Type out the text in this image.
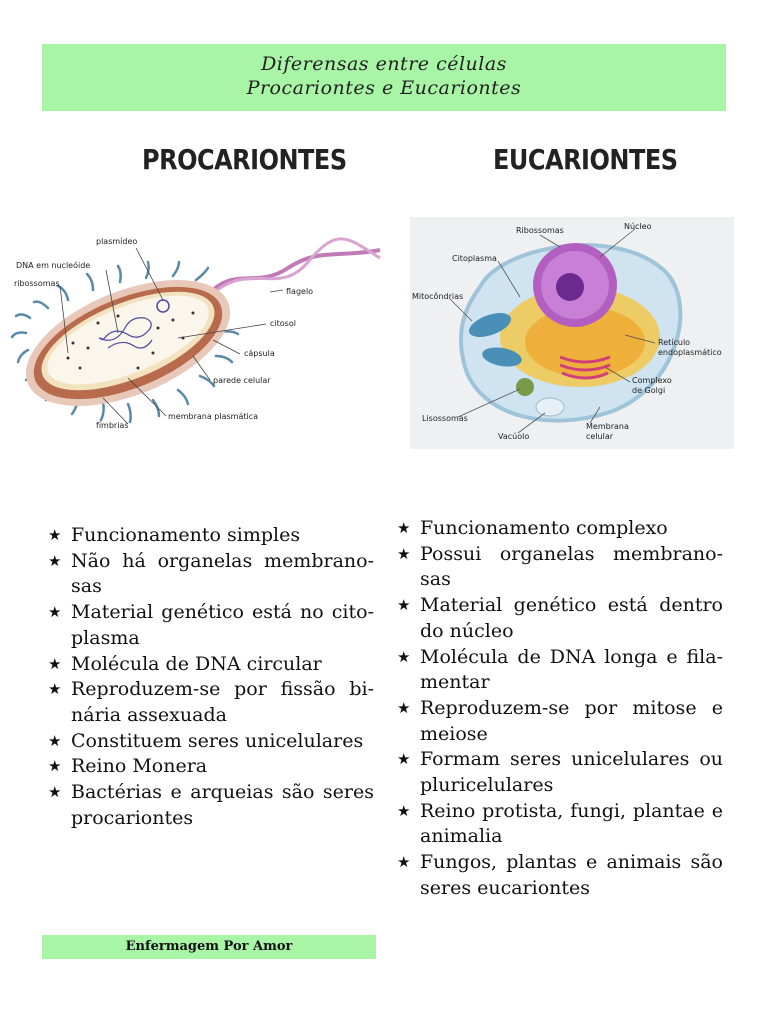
Diferensas entre células
Procariontes e Eucariontes
PROCARIONTES	EUCARIONTES
plasmídeo
DNA em nucleóide
ribossomas
flagelo
citosol
cápsula
parede celular
membrana plasmática
fímbrias
Ribossomas	Núcleo
Citoplasma
Mitocôndrias
Retículo
endoplasmático
Complexo
de Golgi
Lisossomas
Vacúolo
Membrana
celular
★ Funcionamento simples
★ Não há organelas membrano-sas
★ Material genético está no cito-plasma
★ Molécula de DNA circular
★ Reproduzem-se por fissão bi-nária assexuada
★ Constituem seres unicelulares
★ Reino Monera
★ Bactérias e arqueias são seres procariontes
★ Funcionamento complexo
★ Possui organelas membrano-sas
★ Material genético está dentro do núcleo
★ Molécula de DNA longa e fila-mentar
★ Reproduzem-se por mitose e meiose
★ Formam seres unicelulares ou pluricelulares
★ Reino protista, fungi, plantae e animalia
★ Fungos, plantas e animais são seres eucariontes
Enfermagem Por Amor
